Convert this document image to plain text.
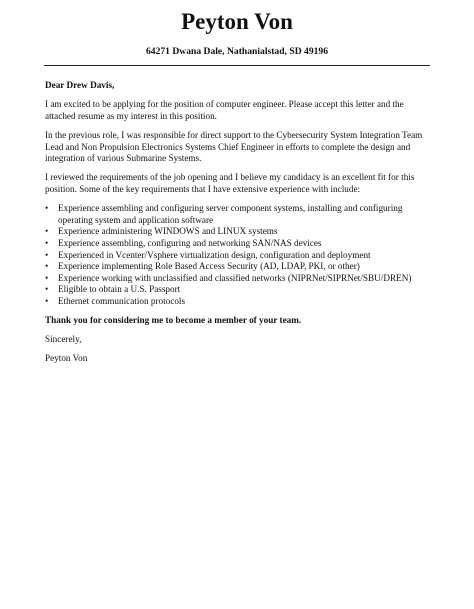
Peyton Von
64271 Dwana Dale, Nathanialstad, SD 49196

Dear Drew Davis,

I am excited to be applying for the position of computer engineer. Please accept this letter and the attached resume as my interest in this position.

In the previous role, I was responsible for direct support to the Cybersecurity System Integration Team Lead and Non Propulsion Electronics Systems Chief Engineer in efforts to complete the design and integration of various Submarine Systems.

I reviewed the requirements of the job opening and I believe my candidacy is an excellent fit for this position. Some of the key requirements that I have extensive experience with include:

•	Experience assembling and configuring server component systems, installing and configuring operating system and application software
•	Experience administering WINDOWS and LINUX systems
•	Experience assembling, configuring and networking SAN/NAS devices
•	Experienced in Vcenter/Vsphere virtualization design, configuration and deployment
•	Experience implementing Role Based Access Security (AD, LDAP, PKI, or other)
•	Experience working with unclassified and classified networks (NIPRNet/SIPRNet/SBU/DREN)
•	Eligible to obtain a U.S. Passport
•	Ethernet communication protocols

Thank you for considering me to become a member of your team.

Sincerely,

Peyton Von
